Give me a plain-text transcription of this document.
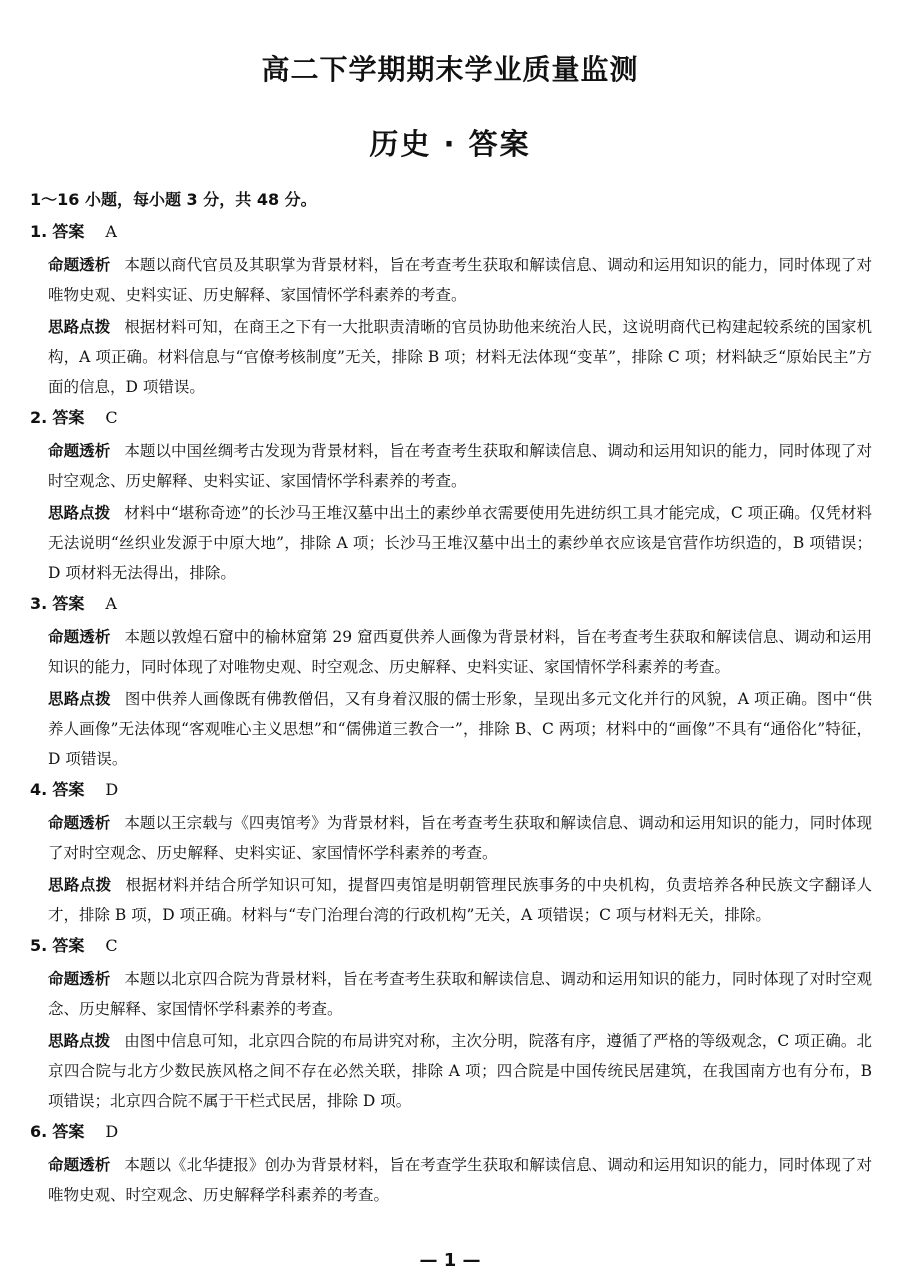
高二下学期期末学业质量监测
历史 · 答案
1～16 小题，每小题 3 分，共 48 分。
1. 答案 A

命题透析 本题以商代官员及其职掌为背景材料，旨在考查考生获取和解读信息、调动和运用知识的能力，同时体现了对唯物史观、史料实证、历史解释、家国情怀学科素养的考查。

思路点拨 根据材料可知，在商王之下有一大批职责清晰的官员协助他来统治人民，这说明商代已构建起较系统的国家机构，A 项正确。材料信息与“官僚考核制度”无关，排除 B 项；材料无法体现“变革”，排除 C 项；材料缺乏“原始民主”方面的信息，D 项错误。

2. 答案 C

命题透析 本题以中国丝绸考古发现为背景材料，旨在考查考生获取和解读信息、调动和运用知识的能力，同时体现了对时空观念、历史解释、史料实证、家国情怀学科素养的考查。

思路点拨 材料中“堪称奇迹”的长沙马王堆汉墓中出土的素纱单衣需要使用先进纺织工具才能完成，C 项正确。仅凭材料无法说明“丝织业发源于中原大地”，排除 A 项；长沙马王堆汉墓中出土的素纱单衣应该是官营作坊织造的，B 项错误；D 项材料无法得出，排除。

3. 答案 A

命题透析 本题以敦煌石窟中的榆林窟第 29 窟西夏供养人画像为背景材料，旨在考查考生获取和解读信息、调动和运用知识的能力，同时体现了对唯物史观、时空观念、历史解释、史料实证、家国情怀学科素养的考查。

思路点拨 图中供养人画像既有佛教僧侣，又有身着汉服的儒士形象，呈现出多元文化并行的风貌，A 项正确。图中“供养人画像”无法体现“客观唯心主义思想”和“儒佛道三教合一”，排除 B、C 两项；材料中的“画像”不具有“通俗化”特征，D 项错误。

4. 答案 D

命题透析 本题以王宗载与《四夷馆考》为背景材料，旨在考查考生获取和解读信息、调动和运用知识的能力，同时体现了对时空观念、历史解释、史料实证、家国情怀学科素养的考查。

思路点拨 根据材料并结合所学知识可知，提督四夷馆是明朝管理民族事务的中央机构，负责培养各种民族文字翻译人才，排除 B 项，D 项正确。材料与“专门治理台湾的行政机构”无关，A 项错误；C 项与材料无关，排除。

5. 答案 C

命题透析 本题以北京四合院为背景材料，旨在考查考生获取和解读信息、调动和运用知识的能力，同时体现了对时空观念、历史解释、家国情怀学科素养的考查。

思路点拨 由图中信息可知，北京四合院的布局讲究对称，主次分明，院落有序，遵循了严格的等级观念，C 项正确。北京四合院与北方少数民族风格之间不存在必然关联，排除 A 项；四合院是中国传统民居建筑，在我国南方也有分布，B 项错误；北京四合院不属于干栏式民居，排除 D 项。

6. 答案 D

命题透析 本题以《北华捷报》创办为背景材料，旨在考查学生获取和解读信息、调动和运用知识的能力，同时体现了对唯物史观、时空观念、历史解释学科素养的考查。

— 1 —
